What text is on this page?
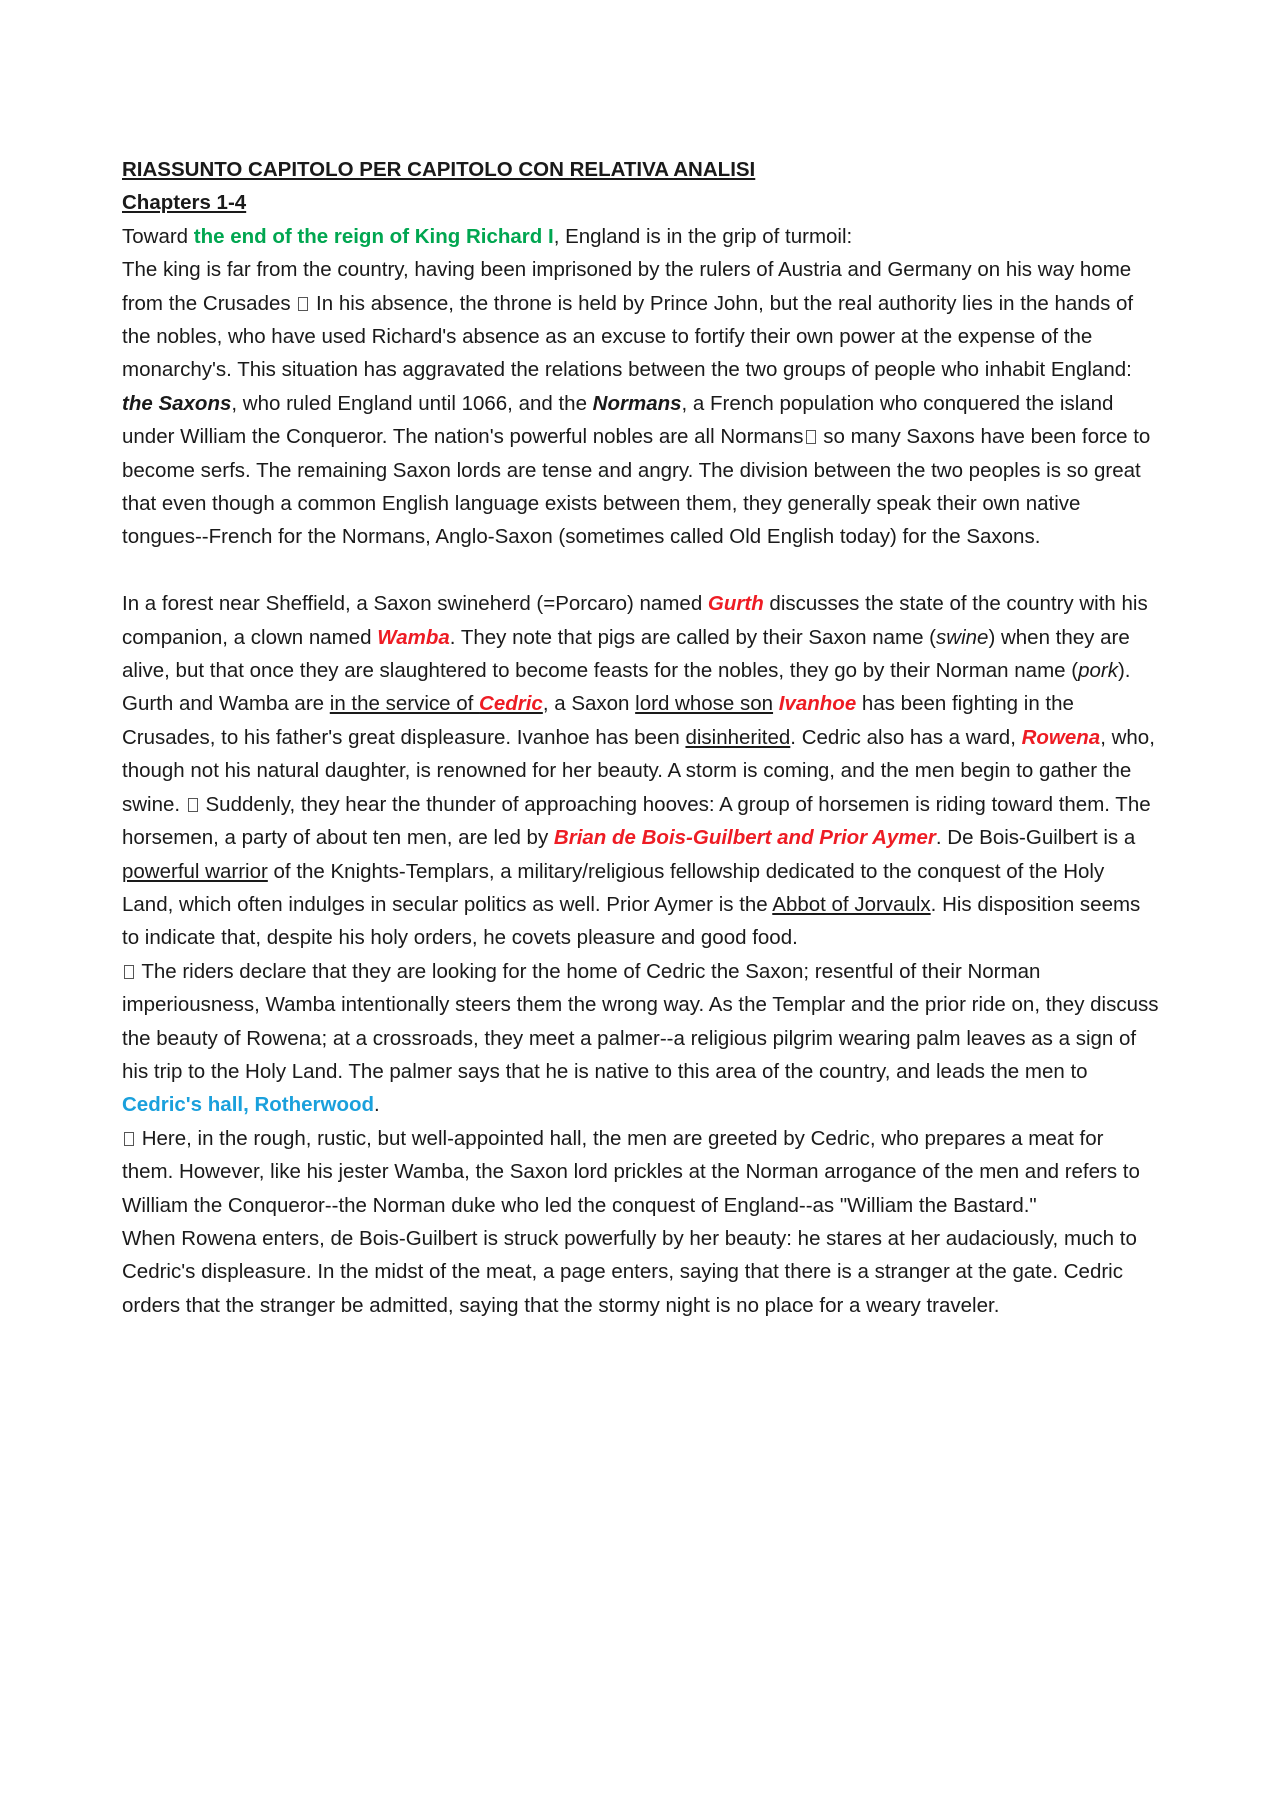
RIASSUNTO CAPITOLO PER CAPITOLO CON RELATIVA ANALISI

Chapters 1-4

Toward the end of the reign of King Richard I, England is in the grip of turmoil:
The king is far from the country, having been imprisoned by the rulers of Austria and Germany on his way home from the Crusades  In his absence, the throne is held by Prince John, but the real authority lies in the hands of the nobles, who have used Richard's absence as an excuse to fortify their own power at the expense of the monarchy's. This situation has aggravated the relations between the two groups of people who inhabit England: the Saxons, who ruled England until 1066, and the Normans, a French population who conquered the island under William the Conqueror. The nation's powerful nobles are all Normans so many Saxons have been force to become serfs. The remaining Saxon lords are tense and angry. The division between the two peoples is so great that even though a common English language exists between them, they generally speak their own native tongues--French for the Normans, Anglo-Saxon (sometimes called Old English today) for the Saxons.

In a forest near Sheffield, a Saxon swineherd (=Porcaro) named Gurth discusses the state of the country with his companion, a clown named Wamba. They note that pigs are called by their Saxon name (swine) when they are alive, but that once they are slaughtered to become feasts for the nobles, they go by their Norman name (pork). Gurth and Wamba are in the service of Cedric, a Saxon lord whose son Ivanhoe has been fighting in the Crusades, to his father's great displeasure. Ivanhoe has been disinherited. Cedric also has a ward, Rowena, who, though not his natural daughter, is renowned for her beauty. A storm is coming, and the men begin to gather the swine.  Suddenly, they hear the thunder of approaching hooves: A group of horsemen is riding toward them. The horsemen, a party of about ten men, are led by Brian de Bois-Guilbert and Prior Aymer. De Bois-Guilbert is a powerful warrior of the Knights-Templars, a military/religious fellowship dedicated to the conquest of the Holy Land, which often indulges in secular politics as well. Prior Aymer is the Abbot of Jorvaulx. His disposition seems to indicate that, despite his holy orders, he covets pleasure and good food.

The riders declare that they are looking for the home of Cedric the Saxon; resentful of their Norman imperiousness, Wamba intentionally steers them the wrong way. As the Templar and the prior ride on, they discuss the beauty of Rowena; at a crossroads, they meet a palmer--a religious pilgrim wearing palm leaves as a sign of his trip to the Holy Land. The palmer says that he is native to this area of the country, and leads the men to Cedric's hall, Rotherwood.

Here, in the rough, rustic, but well-appointed hall, the men are greeted by Cedric, who prepares a meat for them. However, like his jester Wamba, the Saxon lord prickles at the Norman arrogance of the men and refers to William the Conqueror--the Norman duke who led the conquest of England--as "William the Bastard."

When Rowena enters, de Bois-Guilbert is struck powerfully by her beauty: he stares at her audaciously, much to Cedric's displeasure. In the midst of the meat, a page enters, saying that there is a stranger at the gate. Cedric orders that the stranger be admitted, saying that the stormy night is no place for a weary traveler.
